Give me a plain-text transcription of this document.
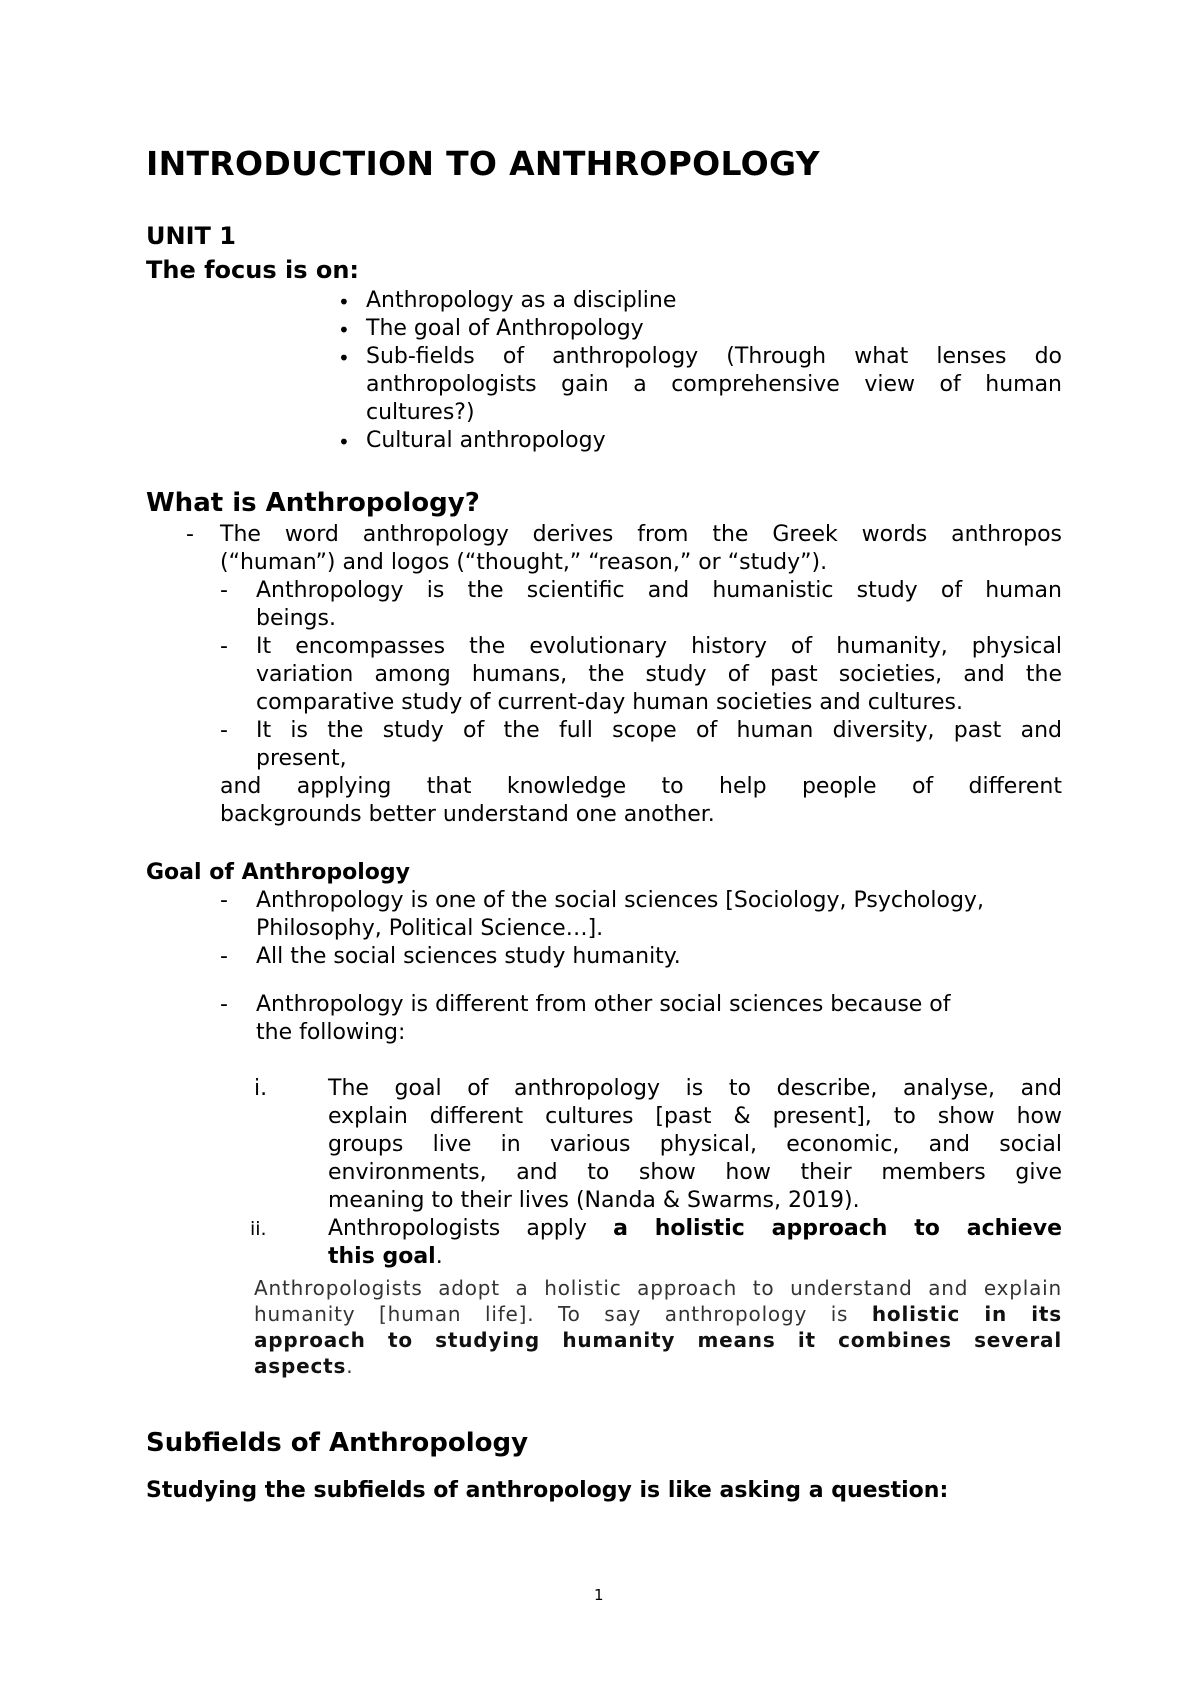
INTRODUCTION TO ANTHROPOLOGY
UNIT 1
The focus is on:
• Anthropology as a discipline
• The goal of Anthropology
• Sub-fields of anthropology (Through what lenses do
anthropologists gain a comprehensive view of human
cultures?)
• Cultural anthropology
What is Anthropology?
- The word anthropology derives from the Greek words anthropos
(“human”) and logos (“thought,” “reason,” or “study”).
- Anthropology is the scientific and humanistic study of human
beings.
- It encompasses the evolutionary history of humanity, physical
variation among humans, the study of past societies, and the
comparative study of current-day human societies and cultures.
- It is the study of the full scope of human diversity, past and
present,
and applying that knowledge to help people of different
backgrounds better understand one another.
Goal of Anthropology
- Anthropology is one of the social sciences [Sociology, Psychology,
Philosophy, Political Science…].
- All the social sciences study humanity.
- Anthropology is different from other social sciences because of
the following:
i.	The goal of anthropology is to describe, analyse, and
explain different cultures [past & present], to show how
groups live in various physical, economic, and social
environments, and to show how their members give
meaning to their lives (Nanda & Swarms, 2019).
ii.	Anthropologists apply a holistic approach to achieve
this goal.
Anthropologists adopt a holistic approach to understand and explain
humanity [human life]. To say anthropology is holistic in its
approach to studying humanity means it combines several
aspects.
Subfields of Anthropology
Studying the subfields of anthropology is like asking a question:
1
